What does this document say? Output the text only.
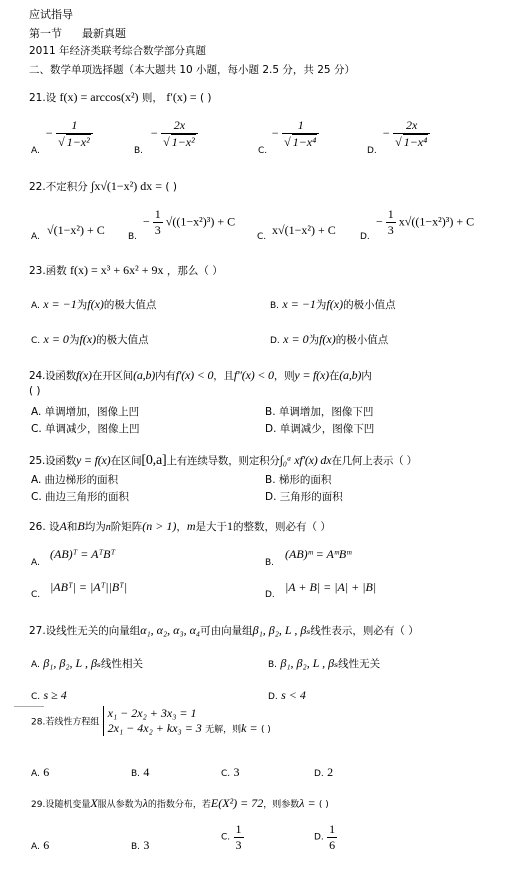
应试指导
第一节 最新真题
2011 年经济类联考综合数学部分真题
二、数学单项选择题（本大题共 10 小题，每小题 2.5 分，共 25 分）
21.设 f(x) = arccos(x²) 则， f′(x) = ( )
A.
− $\frac{1}{\text{√ 1−x²}}$
B.
− $\frac{2x}{\text{√ 1−x²}}$
C.
− $\frac{1}{\text{√ 1−x⁴}}$
D.
− $\frac{2x}{\text{√ 1−x⁴}}$
22.不定积分 ∫x√(1−x²) dx = ( )
A. √(1−x²) + C	B.
− $\frac{1}{3} √((1-x^2)^3) + C$
C. x√(1−x²) + C	D.
− $\frac{1}{3} x√((1-x^2)^3) + C$
23.函数 f(x) = x³ + 6x² + 9x ，那么（ ）
A. x = −1为f(x)的极大值点	B. x = −1为f(x)的极小值点
C. x = 0为f(x)的极大值点	D. x = 0为f(x)的极小值点
24.设函数f(x)在开区间(a,b)内有f′(x) < 0，且f″(x) < 0，则y = f(x)在(a,b)内
( )
A. 单调增加，图像上凹	B. 单调增加，图像下凹
C. 单调减少，图像上凹	D. 单调减少，图像下凹
25.设函数y = f(x)在区间[0,a]上有连续导数，则定积分∫₀ᵃ xf′(x) dx在几何上表示（ ）
A. 曲边梯形的面积	B. 梯形的面积
C. 曲边三角形的面积	D. 三角形的面积
26. 设A和B均为n阶矩阵(n > 1)，m是大于1的整数，则必有（ ）
A.
(AB)ᵀ = AᵀBᵀ
B.
(AB)ᵐ = AᵐBᵐ
C.
|ABᵀ| = |Aᵀ||Bᵀ|
D.
|A + B| = |A| + |B|
27.设线性无关的向量组α₁, α₂, α₃, α₄可由向量组β₁, β₂, L , βₛ线性表示，则必有（ ）
A. β₁, β₂, L , βₛ线性相关	B. β₁, β₂, L , βₛ线性无关
C. s ≥ 4	D. s < 4
28.若线性方程组
x₁ − 2x₂ + 3x₃ = 1
2x₁ − 4x₂ + kx₃ = 3 无解，则k = ( )
A. 6	B. 4	C. 3	D. 2
29.设随机变量X服从参数为λ的指数分布，若E(X²) = 72，则参数λ = ( )
A. 6	B. 3
C. $\frac{1}{3}$	D. $\frac{1}{6}$
